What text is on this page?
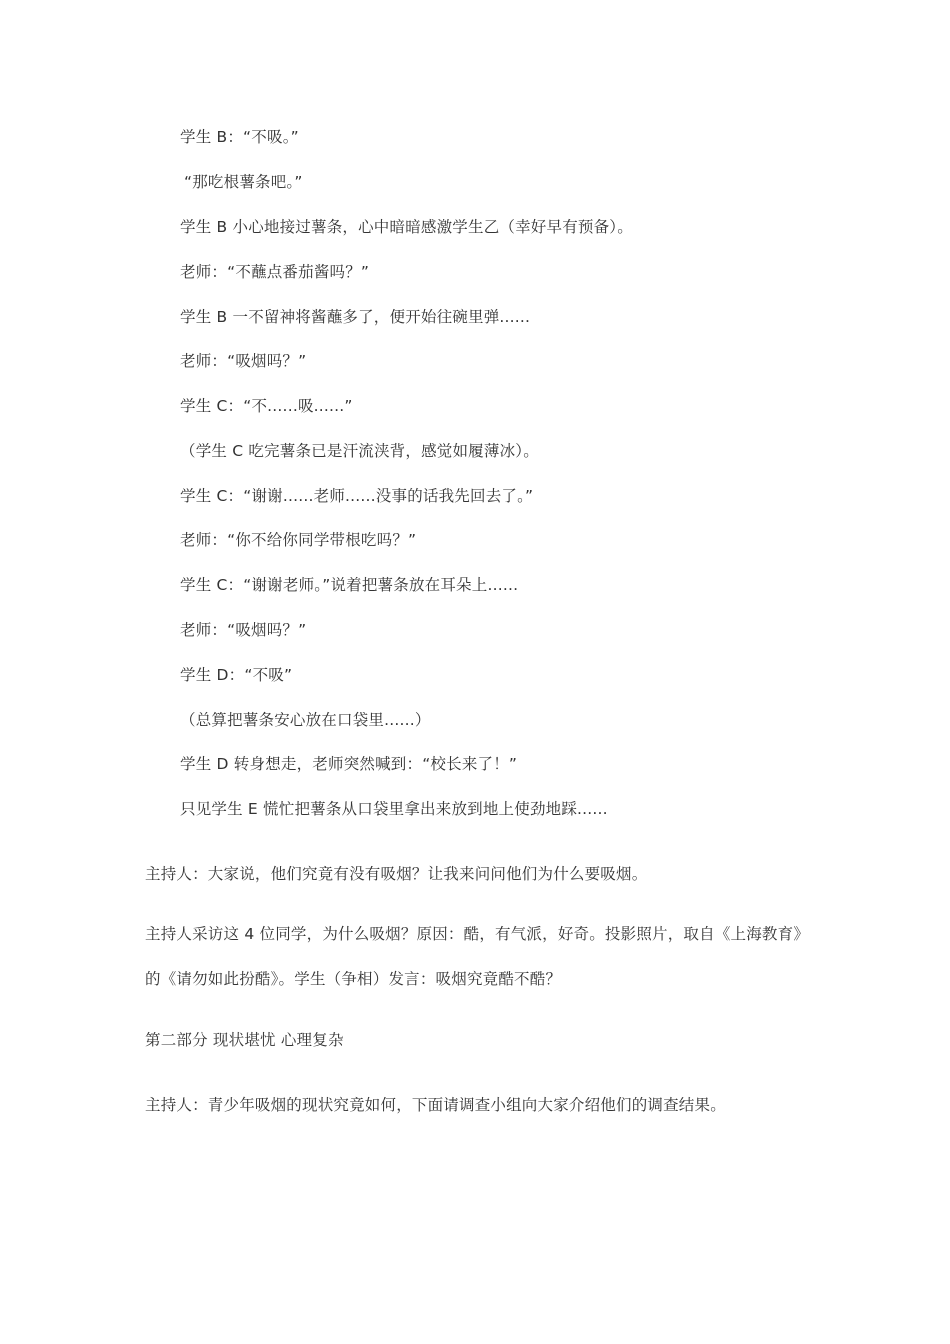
学生 B：“不吸。”
“那吃根薯条吧。”
学生 B 小心地接过薯条，心中暗暗感激学生乙（幸好早有预备）。
老师：“不蘸点番茄酱吗？”
学生 B 一不留神将酱蘸多了，便开始往碗里弹......
老师：“吸烟吗？”
学生 C：“不......吸......”
（学生 C 吃完薯条已是汗流浃背，感觉如履薄冰）。
学生 C：“谢谢......老师......没事的话我先回去了。”
老师：“你不给你同学带根吃吗？”
学生 C：“谢谢老师。”说着把薯条放在耳朵上......
老师：“吸烟吗？”
学生 D：“不吸”
（总算把薯条安心放在口袋里......）
学生 D 转身想走，老师突然喊到：“校长来了！”
只见学生 E 慌忙把薯条从口袋里拿出来放到地上使劲地踩......
主持人：大家说，他们究竟有没有吸烟？让我来问问他们为什么要吸烟。
主持人采访这 4 位同学，为什么吸烟？原因：酷，有气派，好奇。投影照片，取自《上海教育》
的《请勿如此扮酷》。学生（争相）发言：吸烟究竟酷不酷？
第二部分 现状堪忧 心理复杂
主持人：青少年吸烟的现状究竟如何，下面请调查小组向大家介绍他们的调查结果。
